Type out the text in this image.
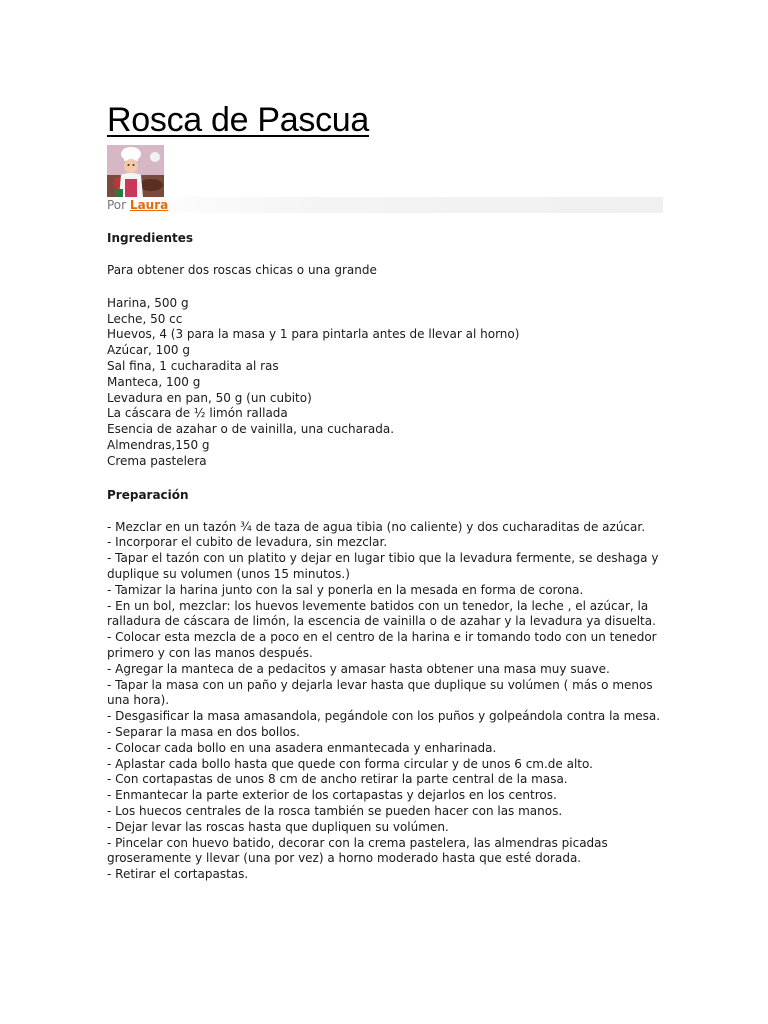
Rosca de Pascua
Por Laura
Ingredientes

Para obtener dos roscas chicas o una grande

Harina, 500 g
Leche, 50 cc
Huevos, 4 (3 para la masa y 1 para pintarla antes de llevar al horno)
Azúcar, 100 g
Sal fina, 1 cucharadita al ras
Manteca, 100 g
Levadura en pan, 50 g (un cubito)
La cáscara de ½ limón rallada
Esencia de azahar o de vainilla, una cucharada.
Almendras,150 g
Crema pastelera
Preparación
- Mezclar en un tazón ¾ de taza de agua tibia (no caliente) y dos cucharaditas de azúcar.
- Incorporar el cubito de levadura, sin mezclar.
- Tapar el tazón con un platito y dejar en lugar tibio que la levadura fermente, se deshaga y duplique su volumen (unos 15 minutos.)
- Tamizar la harina junto con la sal y ponerla en la mesada en forma de corona.
- En un bol, mezclar: los huevos levemente batidos con un tenedor, la leche , el azúcar, la ralladura de cáscara de limón, la escencia de vainilla o de azahar y la levadura ya disuelta.
- Colocar esta mezcla de a poco en el centro de la harina e ir tomando todo con un tenedor primero y con las manos después.
- Agregar la manteca de a pedacitos y amasar hasta obtener una masa muy suave.
- Tapar la masa con un paño y dejarla levar hasta que duplique su volúmen ( más o menos una hora).
- Desgasificar la masa amasandola, pegándole con los puños y golpeándola contra la mesa.
- Separar la masa en dos bollos.
- Colocar cada bollo en una asadera enmantecada y enharinada.
- Aplastar cada bollo hasta que quede con forma circular y de unos 6 cm.de alto.
- Con cortapastas de unos 8 cm de ancho retirar la parte central de la masa.
- Enmantecar la parte exterior de los cortapastas y dejarlos en los centros.
- Los huecos centrales de la rosca también se pueden hacer con las manos.
- Dejar levar las roscas hasta que dupliquen su volúmen.
- Pincelar con huevo batido, decorar con la crema pastelera, las almendras picadas groseramente y llevar (una por vez) a horno moderado hasta que esté dorada.
- Retirar el cortapastas.
